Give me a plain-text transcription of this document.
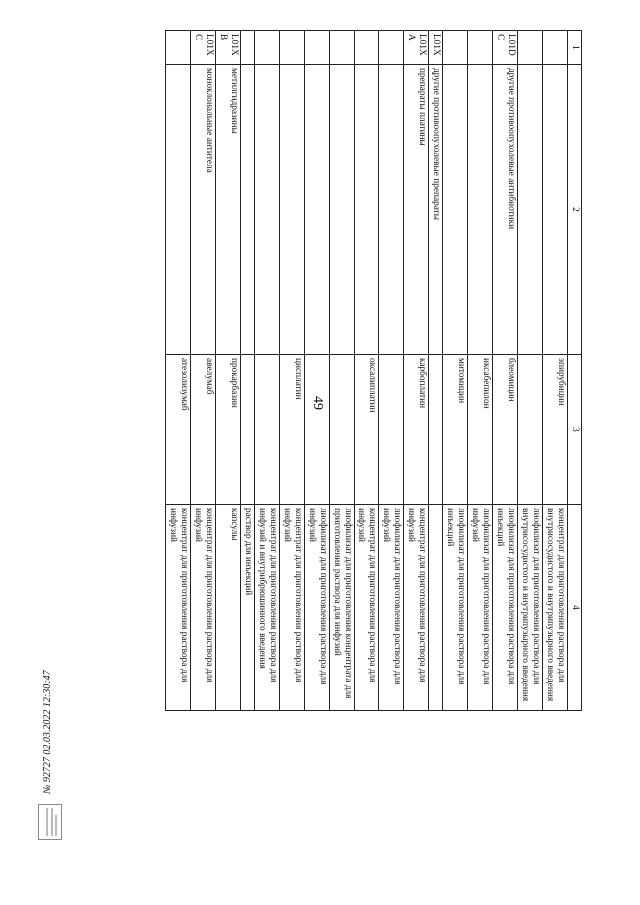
49
1	2	3	4
		эпирубицин	концентрат для приготовления раствора для внутрисосудистого и внутрипузырного введения
			лиофилизат для приготовления раствора для внутрисосудистого и внутрипузырного введения
L01DC	другие противоопухолевые антибиотики	блеомицин	лиофилизат для приготовления раствора для инъекций
		иксабепилон	лиофилизат для приготовления раствора для инфузий
		митомицин	лиофилизат для приготовления раствора для инъекций
L01X	другие противоопухолевые препараты		
L01XA	препараты платины	карбоплатин	концентрат для приготовления раствора для инфузий
			лиофилизат для приготовления раствора для инфузий
		оксалиплатин	концентрат для приготовления раствора для инфузий
			лиофилизат для приготовления концентрата для приготовления раствора для инфузий
			лиофилизат для приготовления раствора для инфузий
		цисплатин	концентрат для приготовления раствора для инфузий
			концентрат для приготовления раствора для инфузий и внутрибрюшинного введения
			раствор для инъекций
L01XB	метилгидразины	прокарбазин	капсулы
L01XC	моноклональные антитела	авелумаб	концентрат для приготовления раствора для инфузий
		атезолизумаб	концентрат для приготовления раствора для инфузий
№ 92727 02.03.2022 12:30:47
